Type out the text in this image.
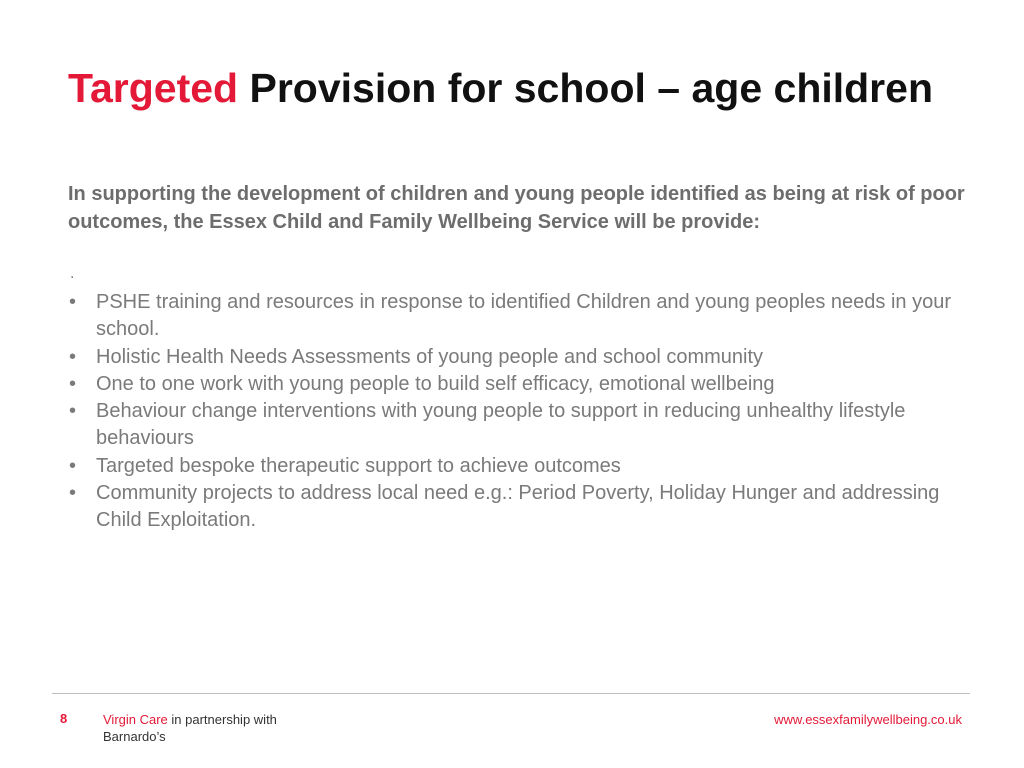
Targeted Provision for school – age children

In supporting the development of children and young people identified as being at risk of poor outcomes, the Essex Child and Family Wellbeing Service will be provide:

.
• PSHE training and resources in response to identified Children and young peoples needs in your school.
• Holistic Health Needs Assessments of young people and school community
• One to one work with young people to build self efficacy, emotional wellbeing
• Behaviour change interventions with young people to support in reducing unhealthy lifestyle behaviours
• Targeted bespoke therapeutic support to achieve outcomes
• Community projects to address local need e.g.: Period Poverty, Holiday Hunger and addressing Child Exploitation.
8	Virgin Care in partnership with
Barnardo’s
www.essexfamilywellbeing.co.uk
